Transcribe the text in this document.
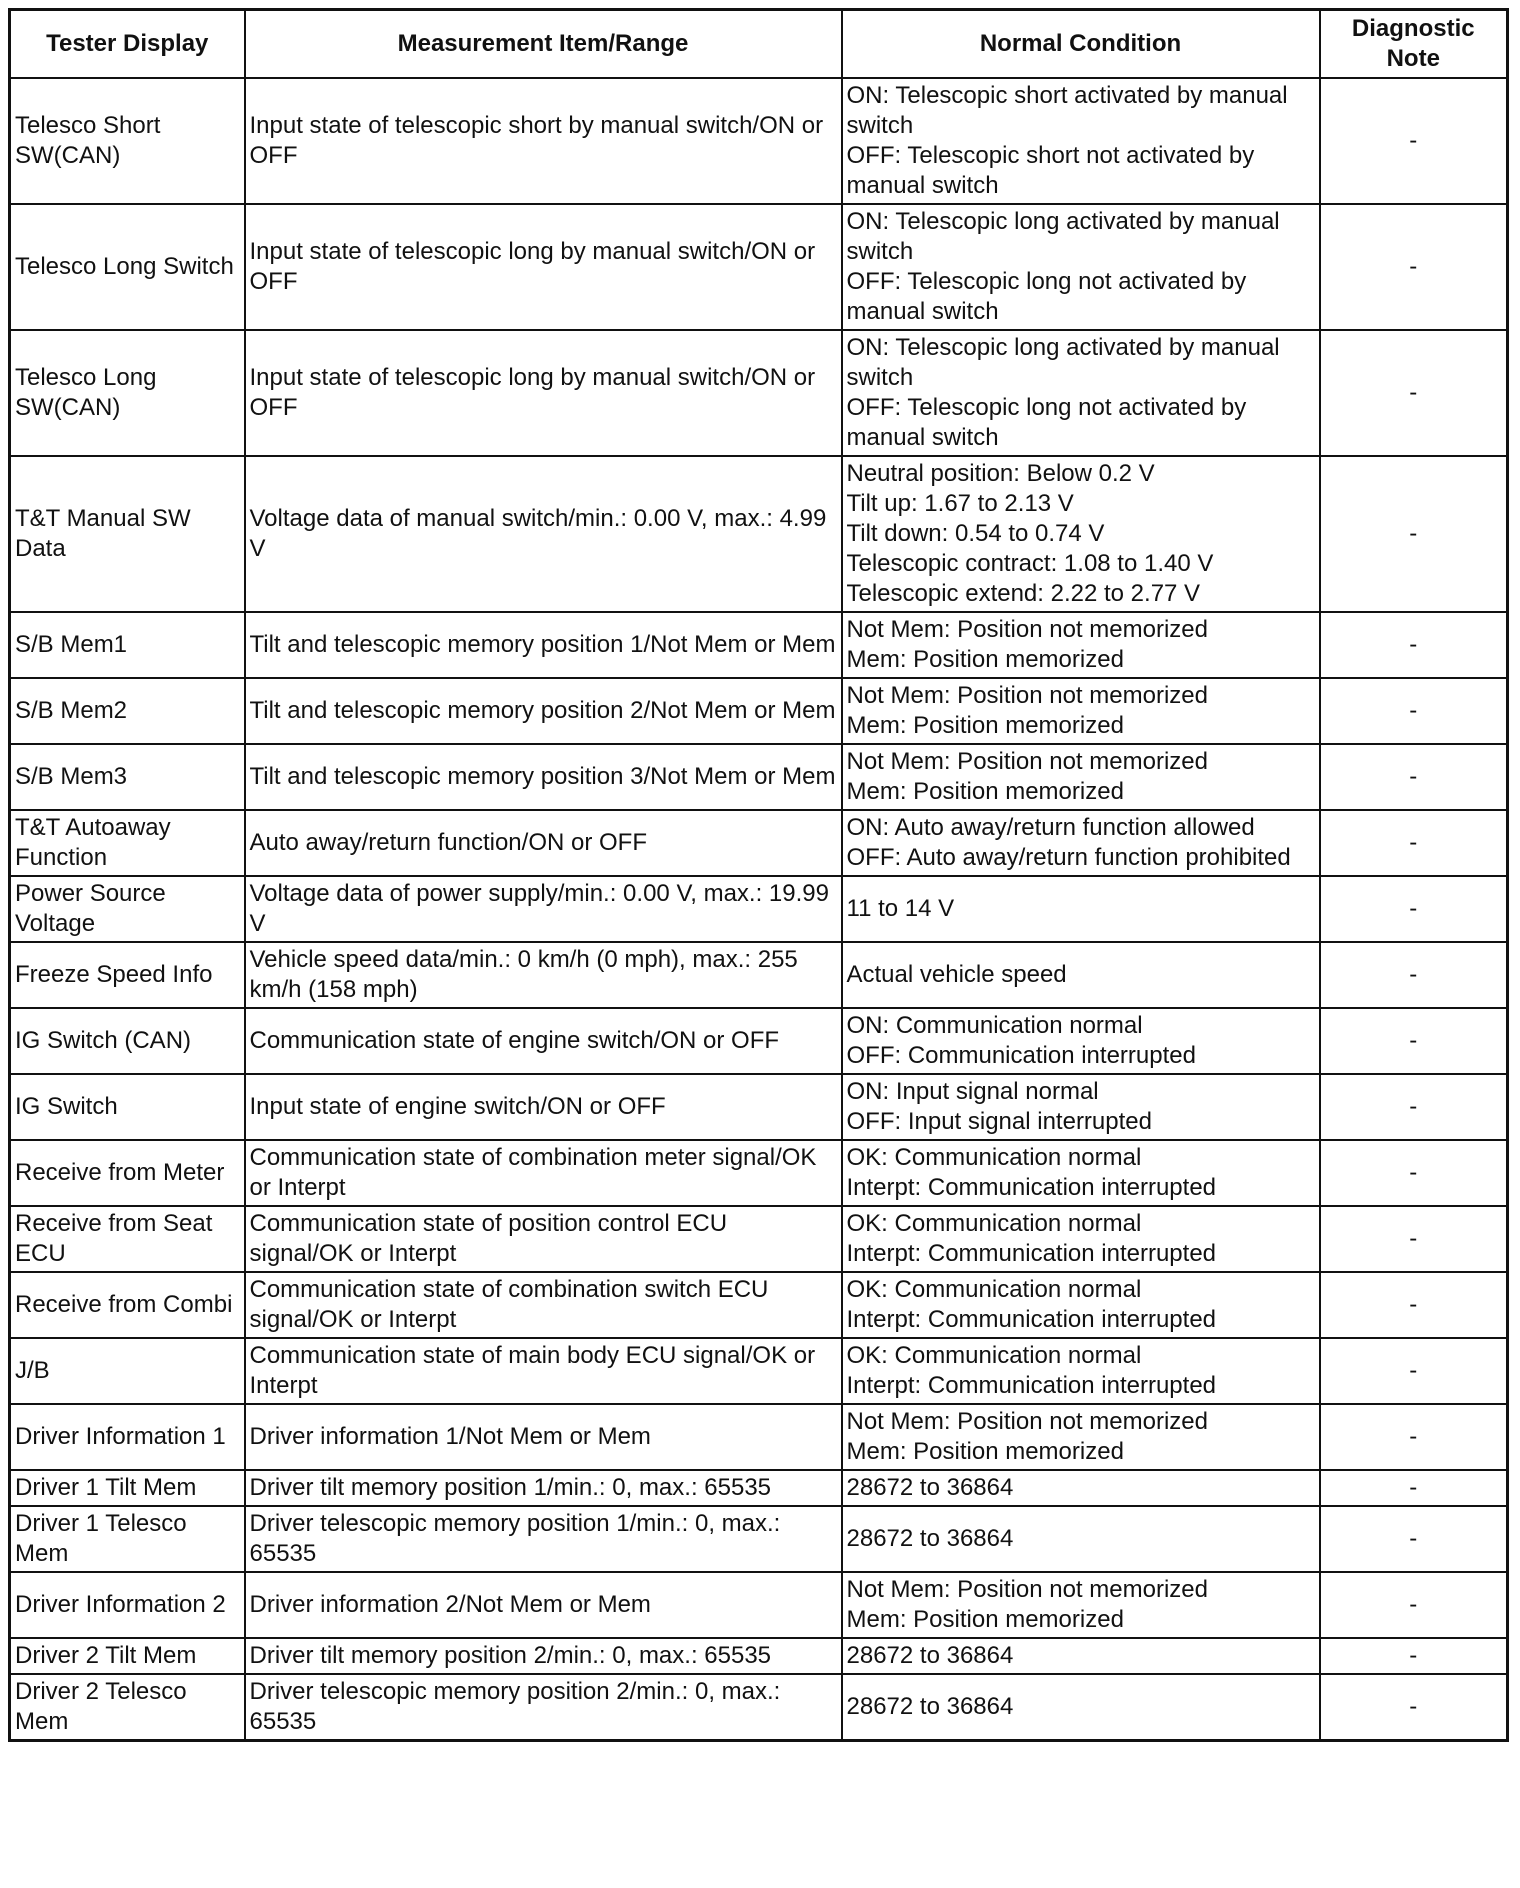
Tester Display	Measurement Item/Range	Normal Condition	Diagnostic Note
Telesco Short SW(CAN)	Input state of telescopic short by manual switch/ON or OFF	ON: Telescopic short activated by manual switch
OFF: Telescopic short not activated by manual switch	-
Telesco Long Switch	Input state of telescopic long by manual switch/ON or OFF	ON: Telescopic long activated by manual switch
OFF: Telescopic long not activated by manual switch	-
Telesco Long SW(CAN)	Input state of telescopic long by manual switch/ON or OFF	ON: Telescopic long activated by manual switch
OFF: Telescopic long not activated by manual switch	-
T&T Manual SW Data	Voltage data of manual switch/min.: 0.00 V, max.: 4.99 V	Neutral position: Below 0.2 V
Tilt up: 1.67 to 2.13 V
Tilt down: 0.54 to 0.74 V
Telescopic contract: 1.08 to 1.40 V
Telescopic extend: 2.22 to 2.77 V	-
S/B Mem1	Tilt and telescopic memory position 1/Not Mem or Mem	Not Mem: Position not memorized
Mem: Position memorized	-
S/B Mem2	Tilt and telescopic memory position 2/Not Mem or Mem	Not Mem: Position not memorized
Mem: Position memorized	-
S/B Mem3	Tilt and telescopic memory position 3/Not Mem or Mem	Not Mem: Position not memorized
Mem: Position memorized	-
T&T Autoaway Function	Auto away/return function/ON or OFF	ON: Auto away/return function allowed
OFF: Auto away/return function prohibited	-
Power Source Voltage	Voltage data of power supply/min.: 0.00 V, max.: 19.99 V	11 to 14 V	-
Freeze Speed Info	Vehicle speed data/min.: 0 km/h (0 mph), max.: 255 km/h (158 mph)	Actual vehicle speed	-
IG Switch (CAN)	Communication state of engine switch/ON or OFF	ON: Communication normal
OFF: Communication interrupted	-
IG Switch	Input state of engine switch/ON or OFF	ON: Input signal normal
OFF: Input signal interrupted	-
Receive from Meter	Communication state of combination meter signal/OK or Interpt	OK: Communication normal
Interpt: Communication interrupted	-
Receive from Seat ECU	Communication state of position control ECU signal/OK or Interpt	OK: Communication normal
Interpt: Communication interrupted	-
Receive from Combi	Communication state of combination switch ECU signal/OK or Interpt	OK: Communication normal
Interpt: Communication interrupted	-
J/B	Communication state of main body ECU signal/OK or Interpt	OK: Communication normal
Interpt: Communication interrupted	-
Driver Information 1	Driver information 1/Not Mem or Mem	Not Mem: Position not memorized
Mem: Position memorized	-
Driver 1 Tilt Mem	Driver tilt memory position 1/min.: 0, max.: 65535	28672 to 36864	-
Driver 1 Telesco Mem	Driver telescopic memory position 1/min.: 0, max.: 65535	28672 to 36864	-
Driver Information 2	Driver information 2/Not Mem or Mem	Not Mem: Position not memorized
Mem: Position memorized	-
Driver 2 Tilt Mem	Driver tilt memory position 2/min.: 0, max.: 65535	28672 to 36864	-
Driver 2 Telesco Mem	Driver telescopic memory position 2/min.: 0, max.: 65535	28672 to 36864	-
